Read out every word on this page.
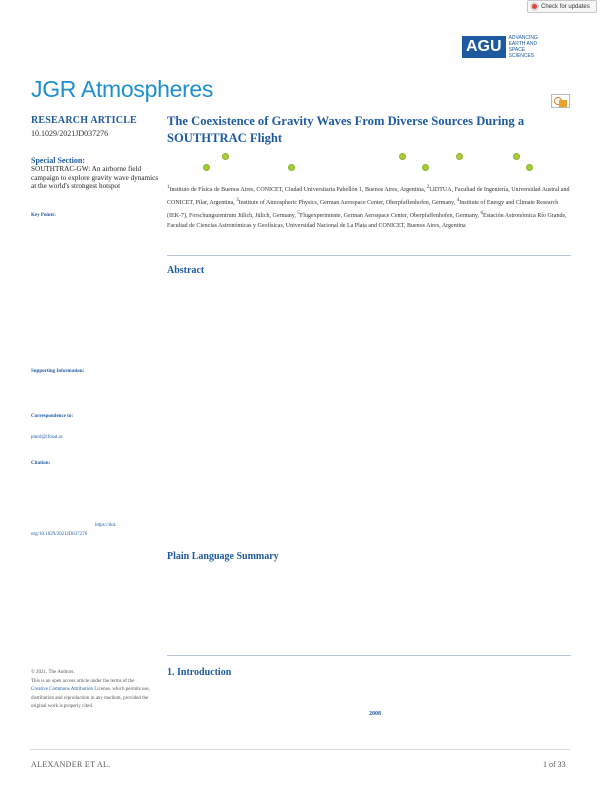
Check for updates
AGU	ADVANCING EARTH AND SPACE SCIENCES
JGR Atmospheres
RESEARCH ARTICLE
10.1029/2021JD037276
Special Section:
SOUTHTRAC-GW: An airborne field campaign to explore gravity wave dynamics at the world's strongest hotspot
Key Points:
Supporting Information:
Correspondence to:
pmrd@ifosat.ar
Citation:
https://doi.
org/10.1029/2021JD037276
© 2021. The Authors.
This is an open access article under the terms of the Creative Commons Attribution License, which permits use, distribution and reproduction in any medium, provided the original work is properly cited.
The Coexistence of Gravity Waves From Diverse Sources During a SOUTHTRAC Flight
$^1$Instituto de Física de Buenos Aires, CONICET, Ciudad Universitaria Pabellón 1, Buenos Aires, Argentina, $^2$LIDTUA, Facultad de Ingeniería, Universidad Austral and CONICET, Pilar, Argentina, $^3$Institute of Atmospheric Physics, German Aerospace Center, Oberpfaffenhofen, Germany, $^4$Institute of Energy and Climate Research (IEK-7), Forschungszentrum Jülich, Jülich, Germany, $^5$Flugexperimente, German Aerospace Center, Oberpfaffenhofen, Germany, $^6$Estación Astronómica Río Grande, Facultad de Ciencias Astronómicas y Geofísicas, Universidad Nacional de La Plata and CONICET, Buenos Aires, Argentina
Abstract
Plain Language Summary
1. Introduction
2008
ALEXANDER ET AL.	1 of 33
